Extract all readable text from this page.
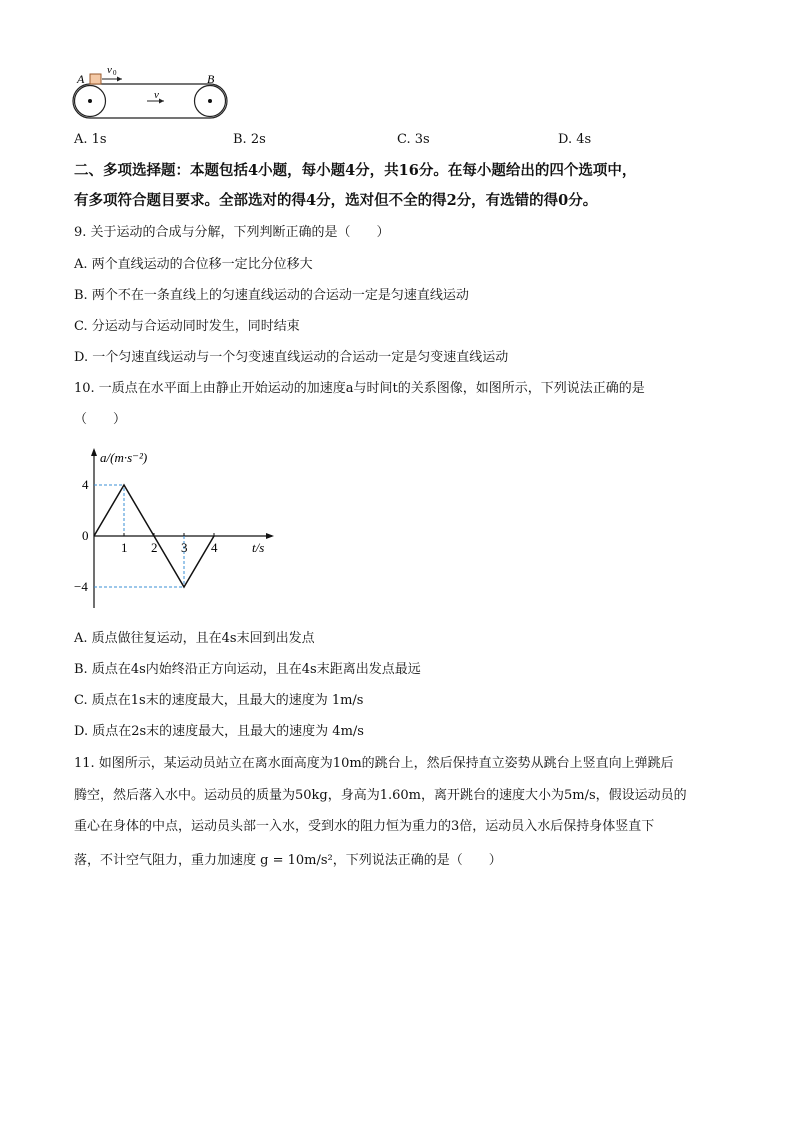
A	B
v 0
v
A. 1s	B. 2s	C. 3s	D. 4s
二、多项选择题：本题包括4小题，每小题4分，共16分。在每小题给出的四个选项中，
有多项符合题目要求。全部选对的得4分，选对但不全的得2分，有选错的得0分。
9. 关于运动的合成与分解，下列判断正确的是（　　）
A. 两个直线运动的合位移一定比分位移大
B. 两个不在一条直线上的匀速直线运动的合运动一定是匀速直线运动
C. 分运动与合运动同时发生，同时结束
D. 一个匀速直线运动与一个匀变速直线运动的合运动一定是匀变速直线运动
10. 一质点在水平面上由静止开始运动的加速度a与时间t的关系图像，如图所示，下列说法正确的是
（　　）
1 2 3 4
4
0
−4
a/(m·s⁻²)
t/s
A. 质点做往复运动，且在4s末回到出发点
B. 质点在4s内始终沿正方向运动，且在4s末距离出发点最远
C. 质点在1s末的速度最大，且最大的速度为 1m/s
D. 质点在2s末的速度最大，且最大的速度为 4m/s
11. 如图所示，某运动员站立在离水面高度为10m的跳台上，然后保持直立姿势从跳台上竖直向上弹跳后
腾空，然后落入水中。运动员的质量为50kg，身高为1.60m，离开跳台的速度大小为5m/s，假设运动员的
重心在身体的中点，运动员头部一入水，受到水的阻力恒为重力的3倍，运动员入水后保持身体竖直下
落，不计空气阻力，重力加速度 g = 10m/s²，下列说法正确的是（　　）
